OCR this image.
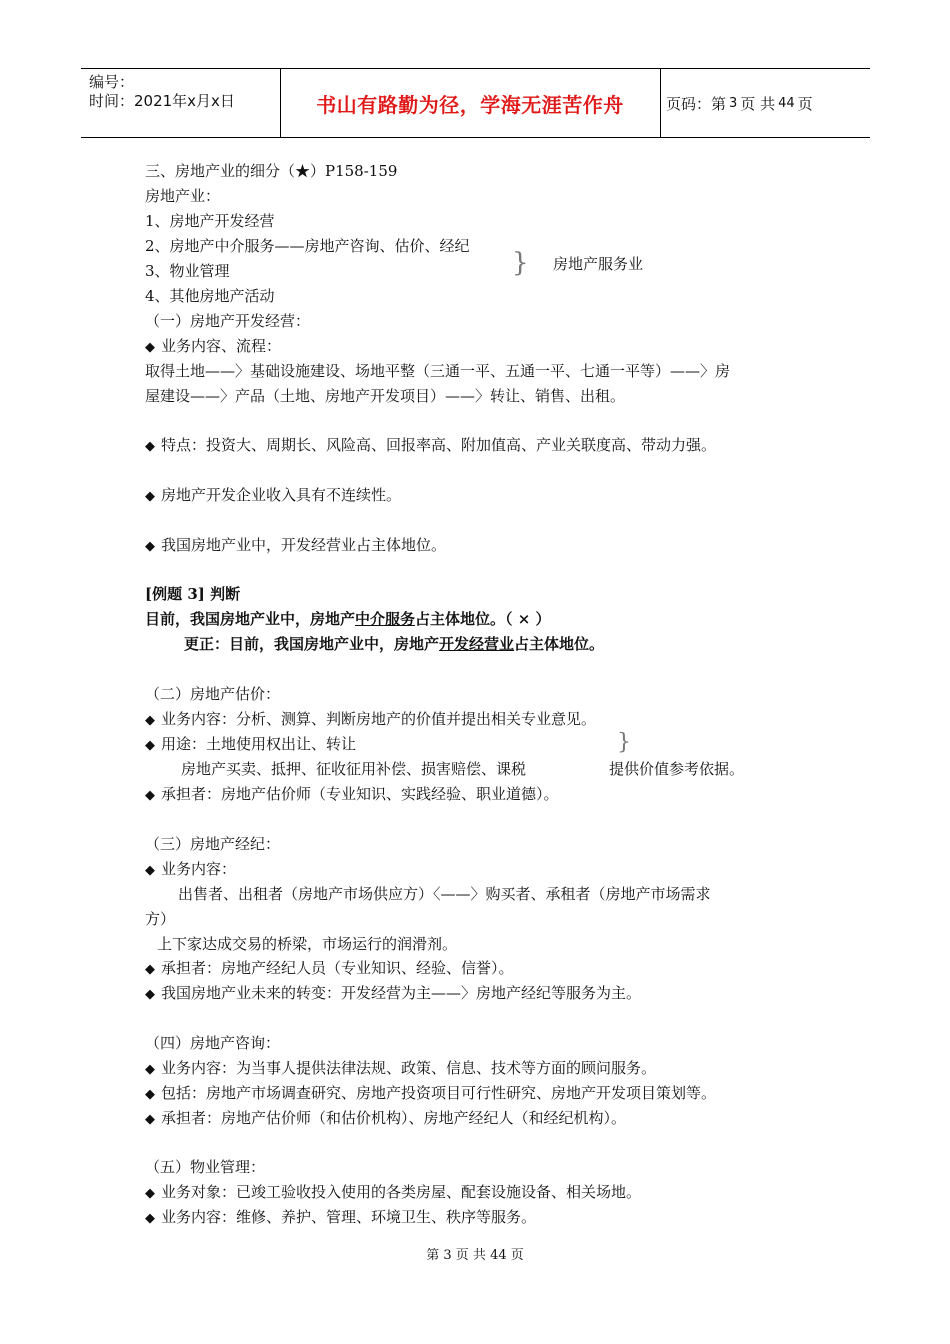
编号：
时间：2021年x月x日	书山有路勤为径，学海无涯苦作舟	页码：第 3 页 共 44 页
三、房地产业的细分（★）P158-159
房地产业：
1、房地产开发经营
2、房地产中介服务——房地产咨询、估价、经纪
3、物业管理
4、其他房地产活动
} 房地产服务业
（一）房地产开发经营：
◆ 业务内容、流程：
取得土地——〉基础设施建设、场地平整（三通一平、五通一平、七通一平等）——〉房
屋建设——〉产品（土地、房地产开发项目）——〉转让、销售、出租。
◆ 特点：投资大、周期长、风险高、回报率高、附加值高、产业关联度高、带动力强。
◆ 房地产开发企业收入具有不连续性。
◆ 我国房地产业中，开发经营业占主体地位。
[例题 3] 判断
目前，我国房地产业中，房地产中介服务占主体地位。（ × ）
更正：目前，我国房地产业中，房地产开发经营业占主体地位。
（二）房地产估价：
◆ 业务内容：分析、测算、判断房地产的价值并提出相关专业意见。
◆ 用途：土地使用权出让、转让
房地产买卖、抵押、征收征用补偿、损害赔偿、课税
}
提供价值参考依据。
◆ 承担者：房地产估价师（专业知识、实践经验、职业道德）。
（三）房地产经纪：
◆ 业务内容：
出售者、出租者（房地产市场供应方）〈——〉购买者、承租者（房地产市场需求
方）
上下家达成交易的桥梁，市场运行的润滑剂。
◆ 承担者：房地产经纪人员（专业知识、经验、信誉）。
◆ 我国房地产业未来的转变：开发经营为主——〉房地产经纪等服务为主。
（四）房地产咨询：
◆ 业务内容：为当事人提供法律法规、政策、信息、技术等方面的顾问服务。
◆ 包括：房地产市场调查研究、房地产投资项目可行性研究、房地产开发项目策划等。
◆ 承担者：房地产估价师（和估价机构）、房地产经纪人（和经纪机构）。
（五）物业管理：
◆ 业务对象：已竣工验收投入使用的各类房屋、配套设施设备、相关场地。
◆ 业务内容：维修、养护、管理、环境卫生、秩序等服务。
第 3 页 共 44 页
